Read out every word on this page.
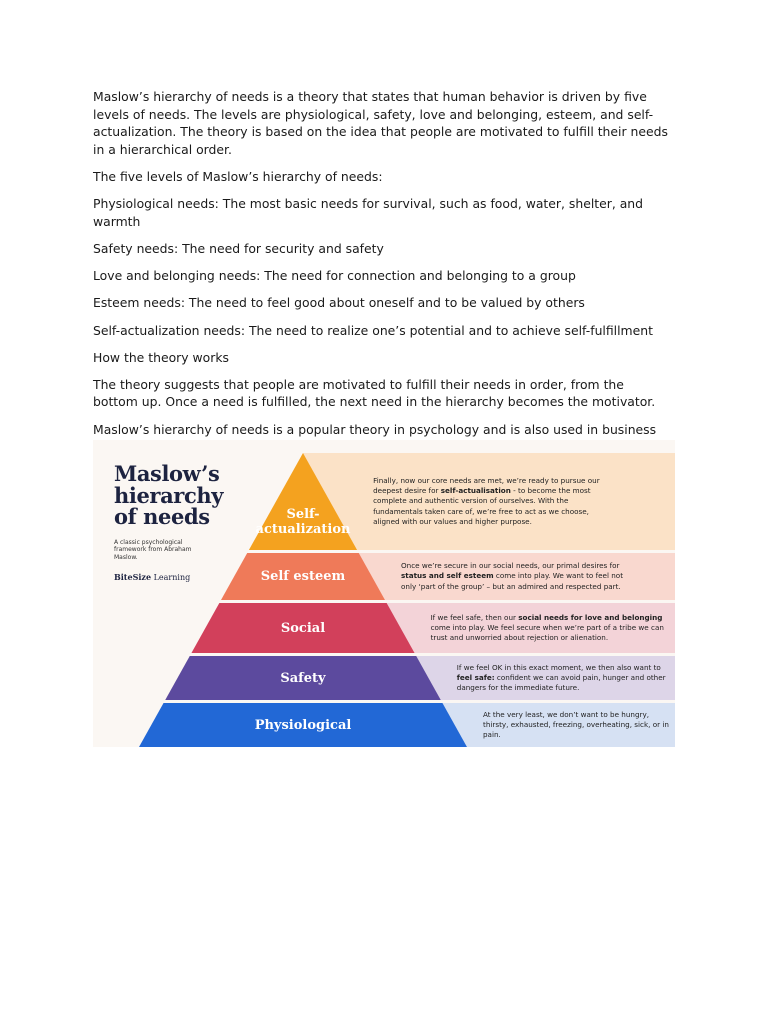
Maslow’s hierarchy of needs is a theory that states that human behavior is driven by five levels of needs. The levels are physiological, safety, love and belonging, esteem, and self-actualization. The theory is based on the idea that people are motivated to fulfill their needs in a hierarchical order.

The five levels of Maslow’s hierarchy of needs:

Physiological needs: The most basic needs for survival, such as food, water, shelter, and warmth

Safety needs: The need for security and safety

Love and belonging needs: The need for connection and belonging to a group

Esteem needs: The need to feel good about oneself and to be valued by others

Self-actualization needs: The need to realize one’s potential and to achieve self-fulfillment

How the theory works

The theory suggests that people are motivated to fulfill their needs in order, from the bottom up. Once a need is fulfilled, the next need in the hierarchy becomes the motivator.

Maslow’s hierarchy of needs is a popular theory in psychology and is also used in business

Maslow’s
hierarchy
of needs
A classic psychological framework from Abraham Maslow.
BiteSize Learning
Self-
actualization
Finally, now our core needs are met, we’re ready to pursue our deepest desire for self-actualisation - to become the most complete and authentic version of ourselves. With the fundamentals taken care of, we’re free to act as we choose, aligned with our values and higher purpose.
Self esteem
Once we’re secure in our social needs, our primal desires for status and self esteem come into play. We want to feel not only ‘part of the group’ – but an admired and respected part.
Social
If we feel safe, then our social needs for love and belonging come into play. We feel secure when we’re part of a tribe we can trust and unworried about rejection or alienation.
Safety
If we feel OK in this exact moment, we then also want to feel safe: confident we can avoid pain, hunger and other dangers for the immediate future.
Physiological
At the very least, we don’t want to be hungry, thirsty, exhausted, freezing, overheating, sick, or in pain.
